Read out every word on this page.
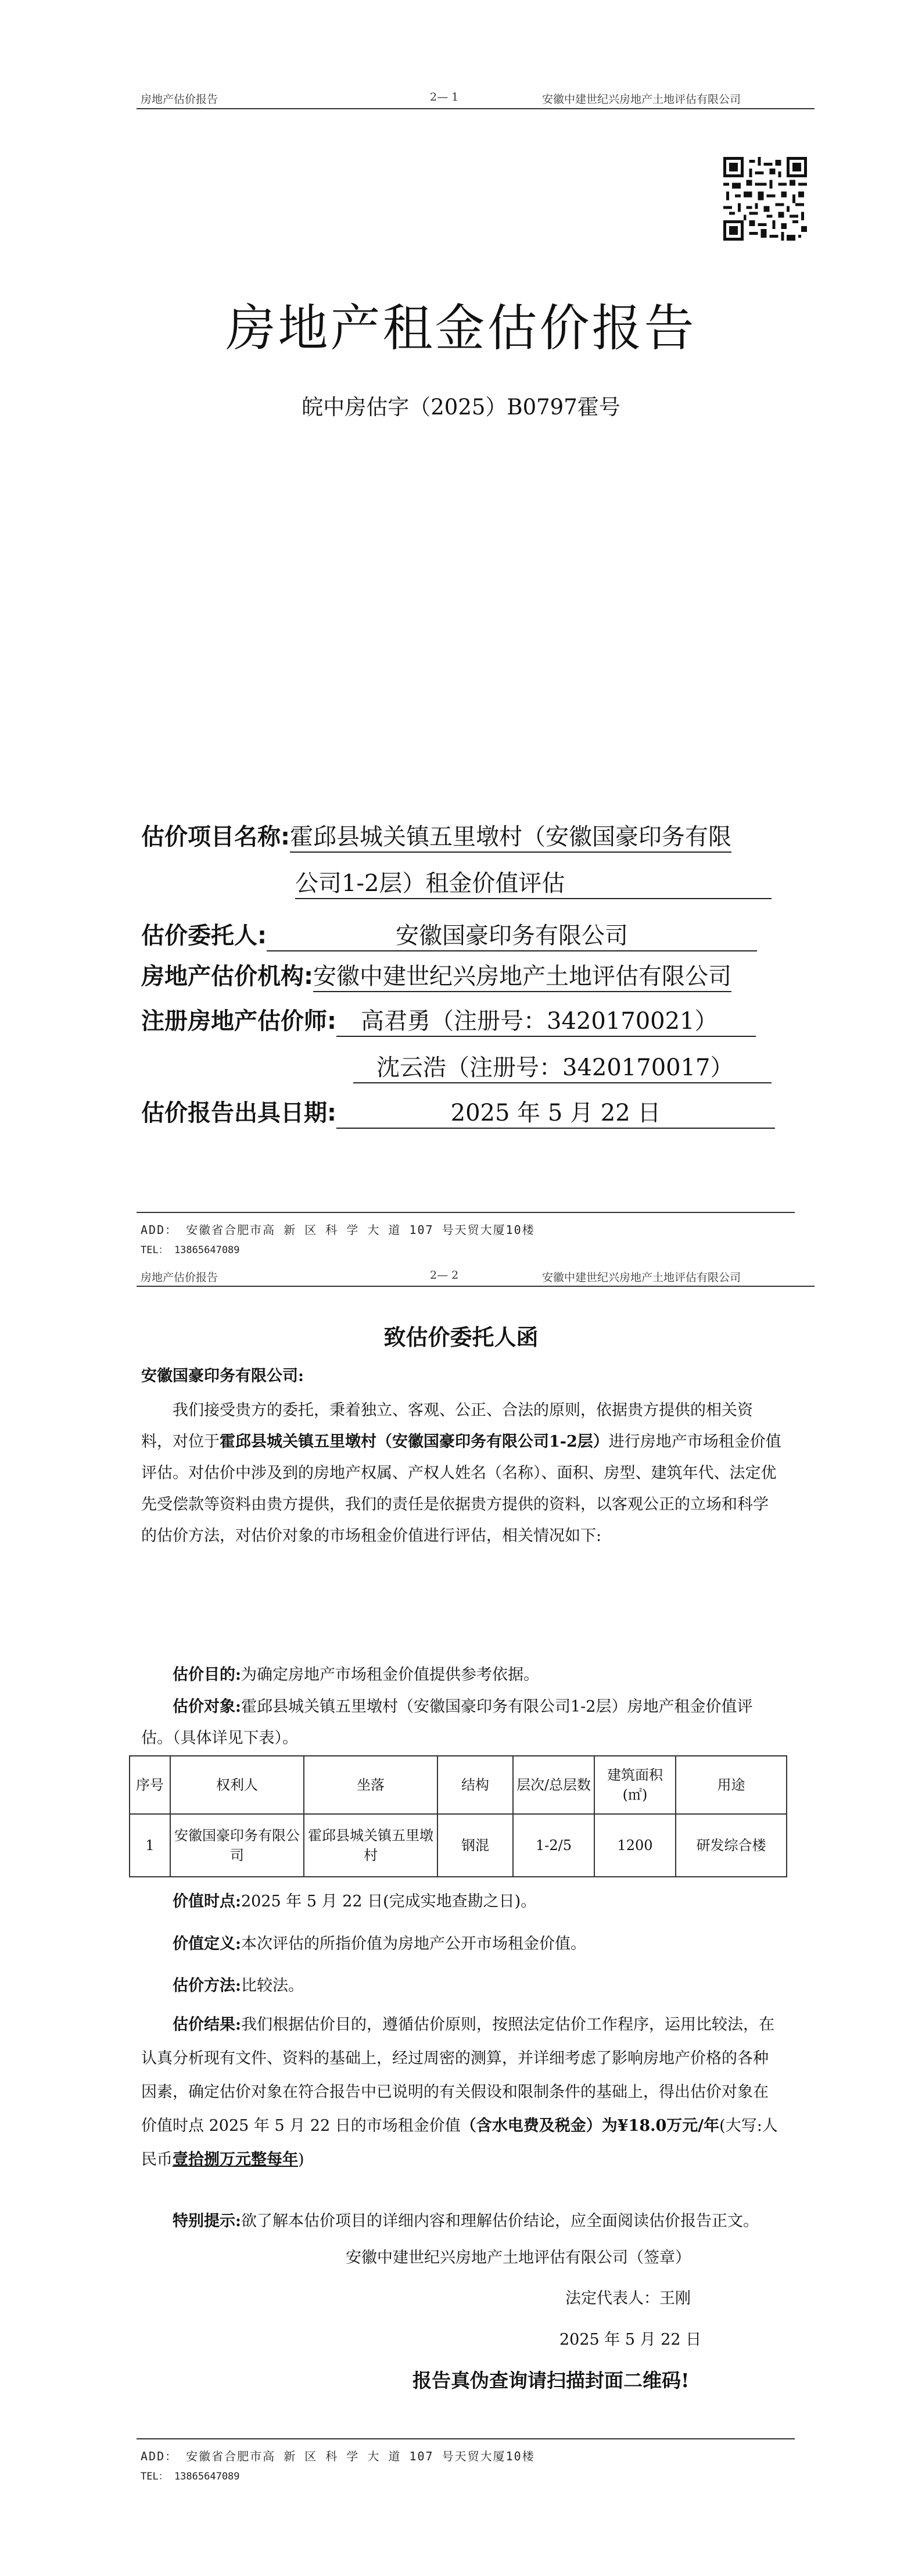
房地产估价报告	2— 1	安徽中建世纪兴房地产土地评估有限公司
房地产租金估价报告
皖中房估字（2025）B0797霍号
估价项目名称:霍邱县城关镇五里墩村（安徽国豪印务有限
公司1-2层）租金价值评估
估价委托人:	安徽国豪印务有限公司
房地产估价机构:安徽中建世纪兴房地产土地评估有限公司
注册房地产估价师: 高君勇（注册号：3420170021）
沈云浩（注册号：3420170017）
估价报告出具日期:	2025 年 5 月 22 日
ADD： 安徽省合肥市高 新 区 科 学 大 道 107 号天贸大厦10楼
TEL： 13865647089
房地产估价报告	2— 2	安徽中建世纪兴房地产土地评估有限公司
致估价委托人函
安徽国豪印务有限公司:
我们接受贵方的委托，秉着独立、客观、公正、合法的原则，依据贵方提供的相关资料，对位于霍邱县城关镇五里墩村（安徽国豪印务有限公司1-2层）进行房地产市场租金价值评估。对估价中涉及到的房地产权属、产权人姓名（名称）、面积、房型、建筑年代、法定优先受偿款等资料由贵方提供，我们的责任是依据贵方提供的资料，以客观公正的立场和科学的估价方法，对估价对象的市场租金价值进行评估，相关情况如下:
估价目的:为确定房地产市场租金价值提供参考依据。
估价对象:霍邱县城关镇五里墩村（安徽国豪印务有限公司1-2层）房地产租金价值评估。（具体详见下表）。
序号	权利人	坐落	结构	层次/总层数	建筑面积(㎡)	用途
1	安徽国豪印务有限公司	霍邱县城关镇五里墩村	钢混	1-2/5	1200	研发综合楼
价值时点:2025 年 5 月 22 日(完成实地查勘之日)。
价值定义:本次评估的所指价值为房地产公开市场租金价值。
估价方法:比较法。
估价结果:我们根据估价目的，遵循估价原则，按照法定估价工作程序，运用比较法，在认真分析现有文件、资料的基础上，经过周密的测算，并详细考虑了影响房地产价格的各种因素，确定估价对象在符合报告中已说明的有关假设和限制条件的基础上，得出估价对象在价值时点 2025 年 5 月 22 日的市场租金价值（含水电费及税金）为¥18.0万元/年(大写:人民币壹拾捌万元整每年)
特别提示:欲了解本估价项目的详细内容和理解估价结论，应全面阅读估价报告正文。
安徽中建世纪兴房地产土地评估有限公司（签章）
法定代表人：王刚
2025 年 5 月 22 日
报告真伪查询请扫描封面二维码!
ADD： 安徽省合肥市高 新 区 科 学 大 道 107 号天贸大厦10楼
TEL： 13865647089
